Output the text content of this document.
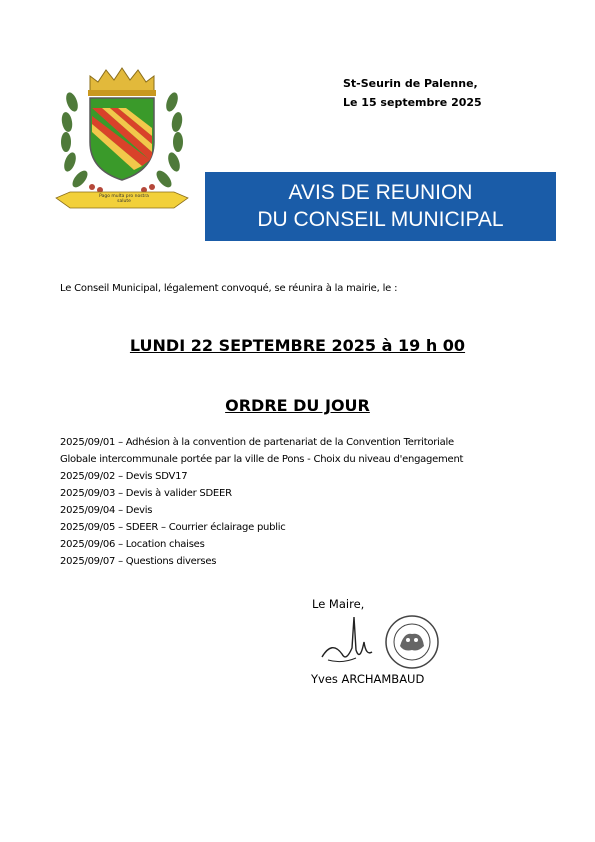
Pago multa pro nostra salute
St-Seurin de Palenne,
Le 15 septembre 2025
AVIS DE REUNION
DU CONSEIL MUNICIPAL
Le Conseil Municipal, légalement convoqué, se réunira à la mairie, le :
LUNDI 22 SEPTEMBRE 2025 à 19 h 00
ORDRE DU JOUR
2025/09/01 – Adhésion à la convention de partenariat de la Convention Territoriale
Globale intercommunale portée par la ville de Pons - Choix du niveau d'engagement
2025/09/02 – Devis SDV17
2025/09/03 – Devis à valider SDEER
2025/09/04 – Devis
2025/09/05 – SDEER – Courrier éclairage public
2025/09/06 – Location chaises
2025/09/07 – Questions diverses
Le Maire,
Yves ARCHAMBAUD
